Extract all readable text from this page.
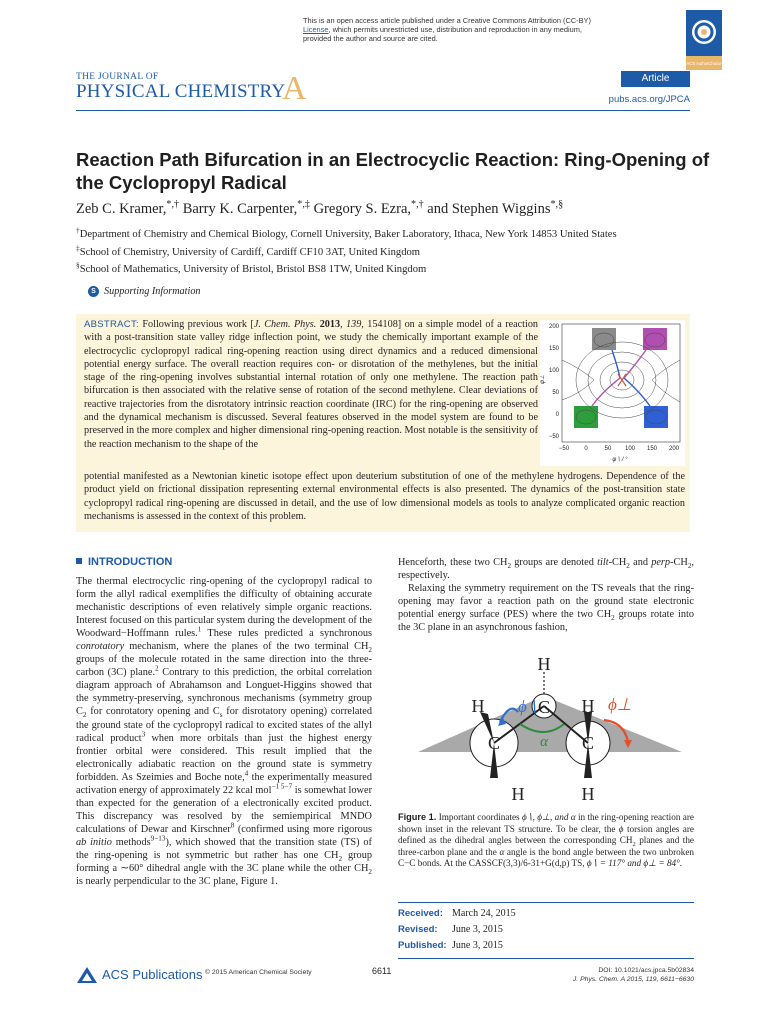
This is an open access article published under a Creative Commons Attribution (CC-BY)
License, which permits unrestricted use, distribution and reproduction in any medium,
provided the author and source are cited.
ACS AuthorChoice
THE JOURNAL OF
PHYSICAL CHEMISTRY
A	Article
pubs.acs.org/JPCA
Reaction Path Bifurcation in an Electrocyclic Reaction: Ring-Opening of the Cyclopropyl Radical
Zeb C. Kramer,*,† Barry K. Carpenter,*,‡ Gregory S. Ezra,*,† and Stephen Wiggins*,§
†Department of Chemistry and Chemical Biology, Cornell University, Baker Laboratory, Ithaca, New York 14853 United States
‡School of Chemistry, University of Cardiff, Cardiff CF10 3AT, United Kingdom
§School of Mathematics, University of Bristol, Bristol BS8 1TW, United Kingdom
S Supporting Information
ABSTRACT: Following previous work [J. Chem. Phys. 2013, 139, 154108] on a simple model of a reaction with a post-transition state valley ridge inflection point, we study the chemically important example of the electrocyclic cyclopropyl radical ring-opening reaction using direct dynamics and a reduced dimensional potential energy surface. The overall reaction requires con- or disrotation of the methylenes, but the initial stage of the ring-opening involves substantial internal rotation of only one methylene. The reaction path bifurcation is then associated with the relative sense of rotation of the second methylene. Clear deviations of reactive trajectories from the disrotatory intrinsic reaction coordinate (IRC) for the ring-opening are observed and the dynamical mechanism is discussed. Several features observed in the model system are found to be preserved in the more complex and higher dimensional ring-opening reaction. Most notable is the sensitivity of the reaction mechanism to the shape of the
potential manifested as a Newtonian kinetic isotope effect upon deuterium substitution of one of the methylene hydrogens. Dependence of the product yield on frictional dissipation representing external environmental effects is also presented. The dynamics of the post-transition state cyclopropyl radical ring-opening are discussed in detail, and the use of low dimensional models as tools to analyze complicated organic reaction mechanisms is assessed in the context of this problem.
200
150
100
50
0
−50
−50	0	50 100 150 200
φ∖ / °
φ⊥
INTRODUCTION

The thermal electrocyclic ring-opening of the cyclopropyl radical to form the allyl radical exemplifies the difficulty of obtaining accurate mechanistic descriptions of even relatively simple organic reactions. Interest focused on this particular system during the development of the Woodward−Hoffmann rules.$^1$ These rules predicted a synchronous conrotatory mechanism, where the planes of the two terminal $CH_2$ groups of the molecule rotated in the same direction into the three-carbon (3C) plane.$^2$ Contrary to this prediction, the orbital correlation diagram approach of Abrahamson and Longuet-Higgins showed that the symmetry-preserving, synchronous mechanisms (symmetry group $C_2$ for conrotatory opening and $C_s$ for disrotatory opening) correlated the ground state of the cyclopropyl radical to excited states of the allyl radical product$^3$ when more orbitals than just the highest energy frontier orbital were considered. This result implied that the electronically adiabatic reaction on the ground state is symmetry forbidden. As Szeimies and Boche note,$^4$ the experimentally measured activation energy of approximately 22 kcal mol$^{-1 5-7}$ is somewhat lower than expected for the generation of a electronically excited product. This discrepancy was resolved by the semiempirical MNDO calculations of Dewar and Kirschner$^8$ (confirmed using more rigorous ab initio methods$^{9-13}$), which showed that the transition state (TS) of the ring-opening is not symmetric but rather has one $CH_2$ group forming a ∼60° dihedral angle with the 3C plane while the other $CH_2$ is nearly perpendicular to the 3C plane, Figure 1.

Henceforth, these two $CH_2$ groups are denoted tilt-$CH_2$ and perp-$CH_2$, respectively.

Relaxing the symmetry requirement on the TS reveals that the ring-opening may favor a reaction path on the ground state electronic potential energy surface (PES) where the two $CH_2$ groups rotate into the 3C plane in an asynchronous fashion,

H
C
H
C
H
C
H	H
ϕ∖	ϕ⊥
α
Figure 1. Important coordinates ϕ∖, ϕ⊥, and α in the ring-opening reaction are shown inset in the relevant TS structure. To be clear, the ϕ torsion angles are defined as the dihedral angles between the corresponding $CH_2$ planes and the three-carbon plane and the α angle is the bond angle between the two unbroken C−C bonds. At the CASSCF(3,3)/6-31+G(d,p) TS, ϕ∖ = 117° and ϕ⊥ = 84°.
Received: March 24, 2015
Revised: June 3, 2015
Published: June 3, 2015
ACS Publications © 2015 American Chemical Society	6611	DOI: 10.1021/acs.jpca.5b02834
J. Phys. Chem. A 2015, 119, 6611−6630
